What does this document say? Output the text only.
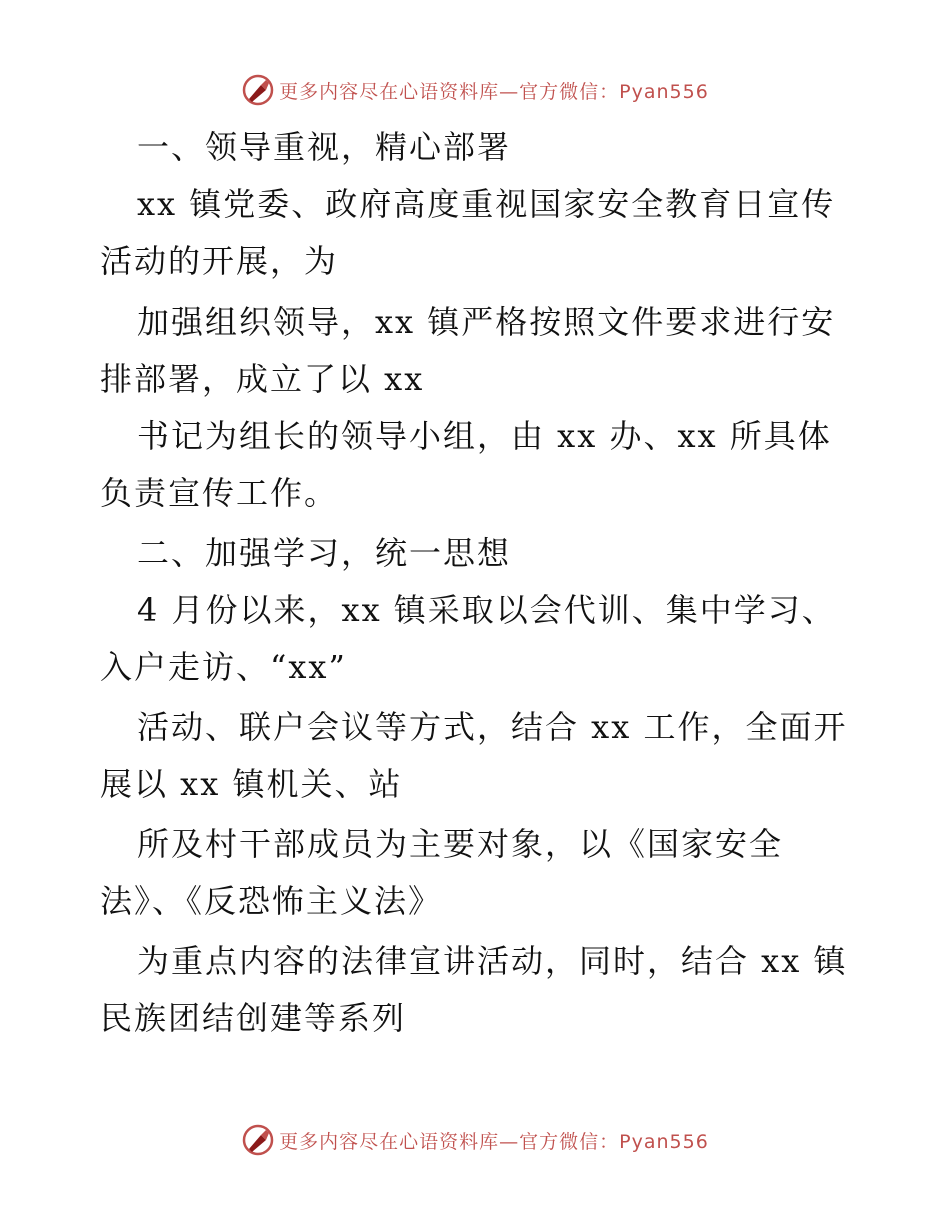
更多内容尽在心语资料库—官方微信：Pyan556
一、领导重视，精心部署
xx 镇党委、政府高度重视国家安全教育日宣传
活动的开展，为
加强组织领导，xx 镇严格按照文件要求进行安
排部署，成立了以 xx
书记为组长的领导小组，由 xx 办、xx 所具体
负责宣传工作。
二、加强学习，统一思想
4 月份以来，xx 镇采取以会代训、集中学习、
入户走访、“xx”
活动、联户会议等方式，结合 xx 工作，全面开
展以 xx 镇机关、站
所及村干部成员为主要对象，以《国家安全
法》、《反恐怖主义法》
为重点内容的法律宣讲活动，同时，结合 xx 镇
民族团结创建等系列
更多内容尽在心语资料库—官方微信：Pyan556
